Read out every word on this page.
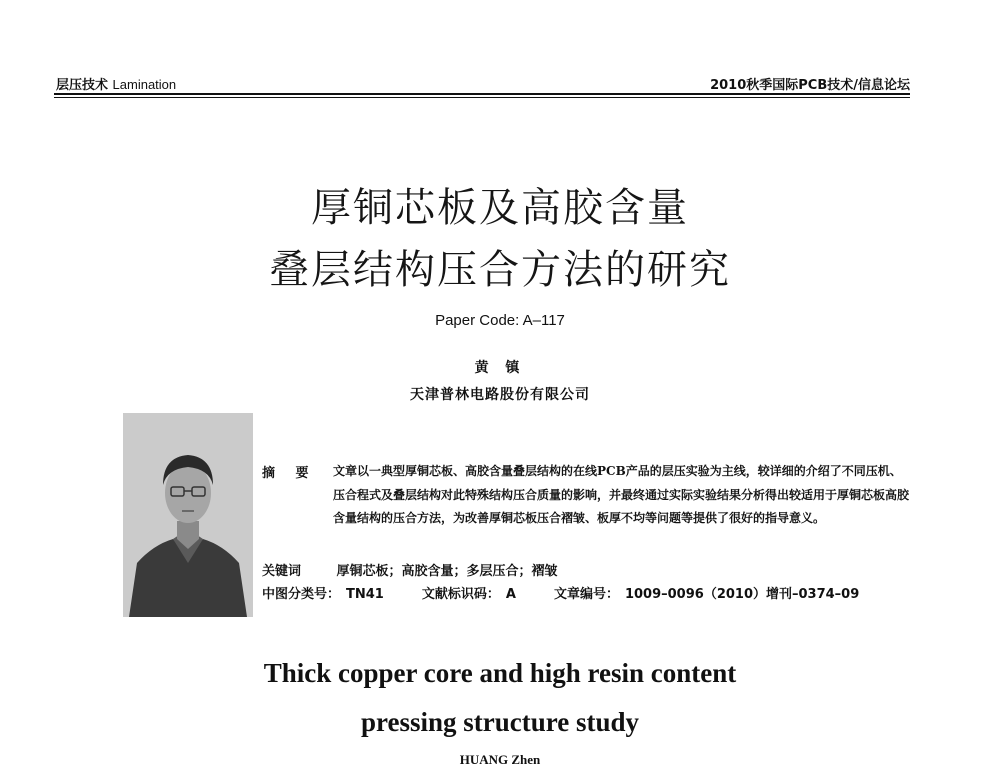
层压技术 Lamination	2010秋季国际PCB技术/信息论坛
厚铜芯板及高胶含量
叠层结构压合方法的研究
Paper Code: A–117
黄 镇
天津普林电路股份有限公司
摘 要 文章以一典型厚铜芯板、高胶含量叠层结构的在线PCB产品的层压实验为主线，较详细的介绍了不同压机、压合程式及叠层结构对此特殊结构压合质量的影响，并最终通过实际实验结果分析得出较适用于厚铜芯板高胶含量结构的压合方法，为改善厚铜芯板压合褶皱、板厚不均等问题等提供了很好的指导意义。
关键词	厚铜芯板；高胶含量；多层压合；褶皱
中图分类号： TN41	文献标识码： A	文章编号： 1009–0096（2010）增刊–0374–09
Thick copper core and high resin content
pressing structure study
HUANG Zhen
